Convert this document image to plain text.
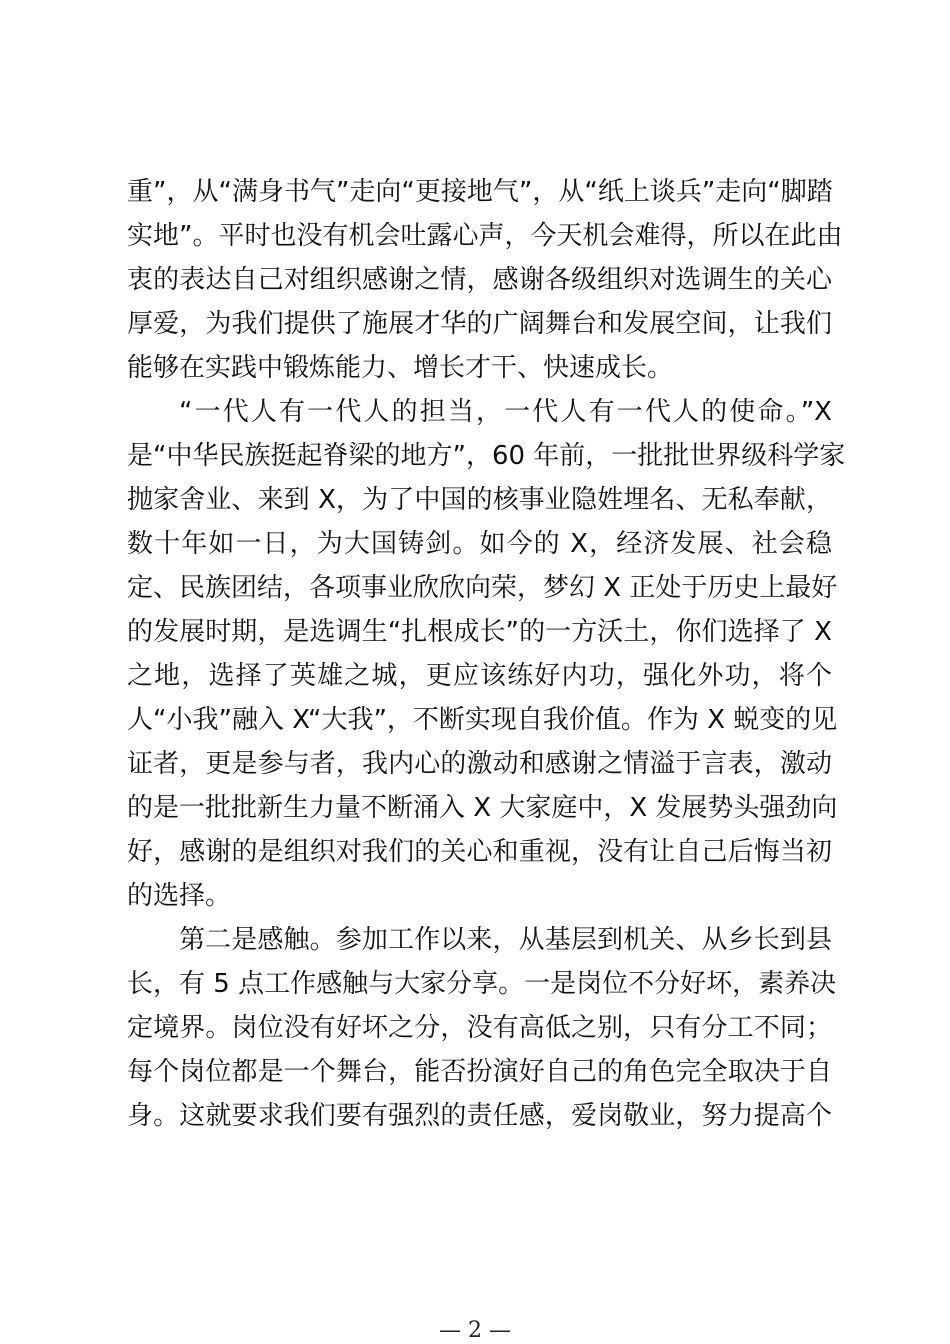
重”，从“满身书气”走向“更接地气”，从“纸上谈兵”走向“脚踏
实地”。平时也没有机会吐露心声，今天机会难得，所以在此由
衷的表达自己对组织感谢之情，感谢各级组织对选调生的关心
厚爱，为我们提供了施展才华的广阔舞台和发展空间，让我们
能够在实践中锻炼能力、增长才干、快速成长。
“一代人有一代人的担当，一代人有一代人的使命。”X
是“中华民族挺起脊梁的地方”，60 年前，一批批世界级科学家
抛家舍业、来到 X，为了中国的核事业隐姓埋名、无私奉献，
数十年如一日，为大国铸剑。如今的 X，经济发展、社会稳
定、民族团结，各项事业欣欣向荣，梦幻 X 正处于历史上最好
的发展时期，是选调生“扎根成长”的一方沃土，你们选择了 X
之地，选择了英雄之城，更应该练好内功，强化外功，将个
人“小我”融入 X“大我”，不断实现自我价值。作为 X 蜕变的见
证者，更是参与者，我内心的激动和感谢之情溢于言表，激动
的是一批批新生力量不断涌入 X 大家庭中，X 发展势头强劲向
好，感谢的是组织对我们的关心和重视，没有让自己后悔当初
的选择。
第二是感触。参加工作以来，从基层到机关、从乡长到县
长，有 5 点工作感触与大家分享。一是岗位不分好坏，素养决
定境界。岗位没有好坏之分，没有高低之别，只有分工不同；
每个岗位都是一个舞台，能否扮演好自己的角色完全取决于自
身。这就要求我们要有强烈的责任感，爱岗敬业，努力提高个
— 2 —
